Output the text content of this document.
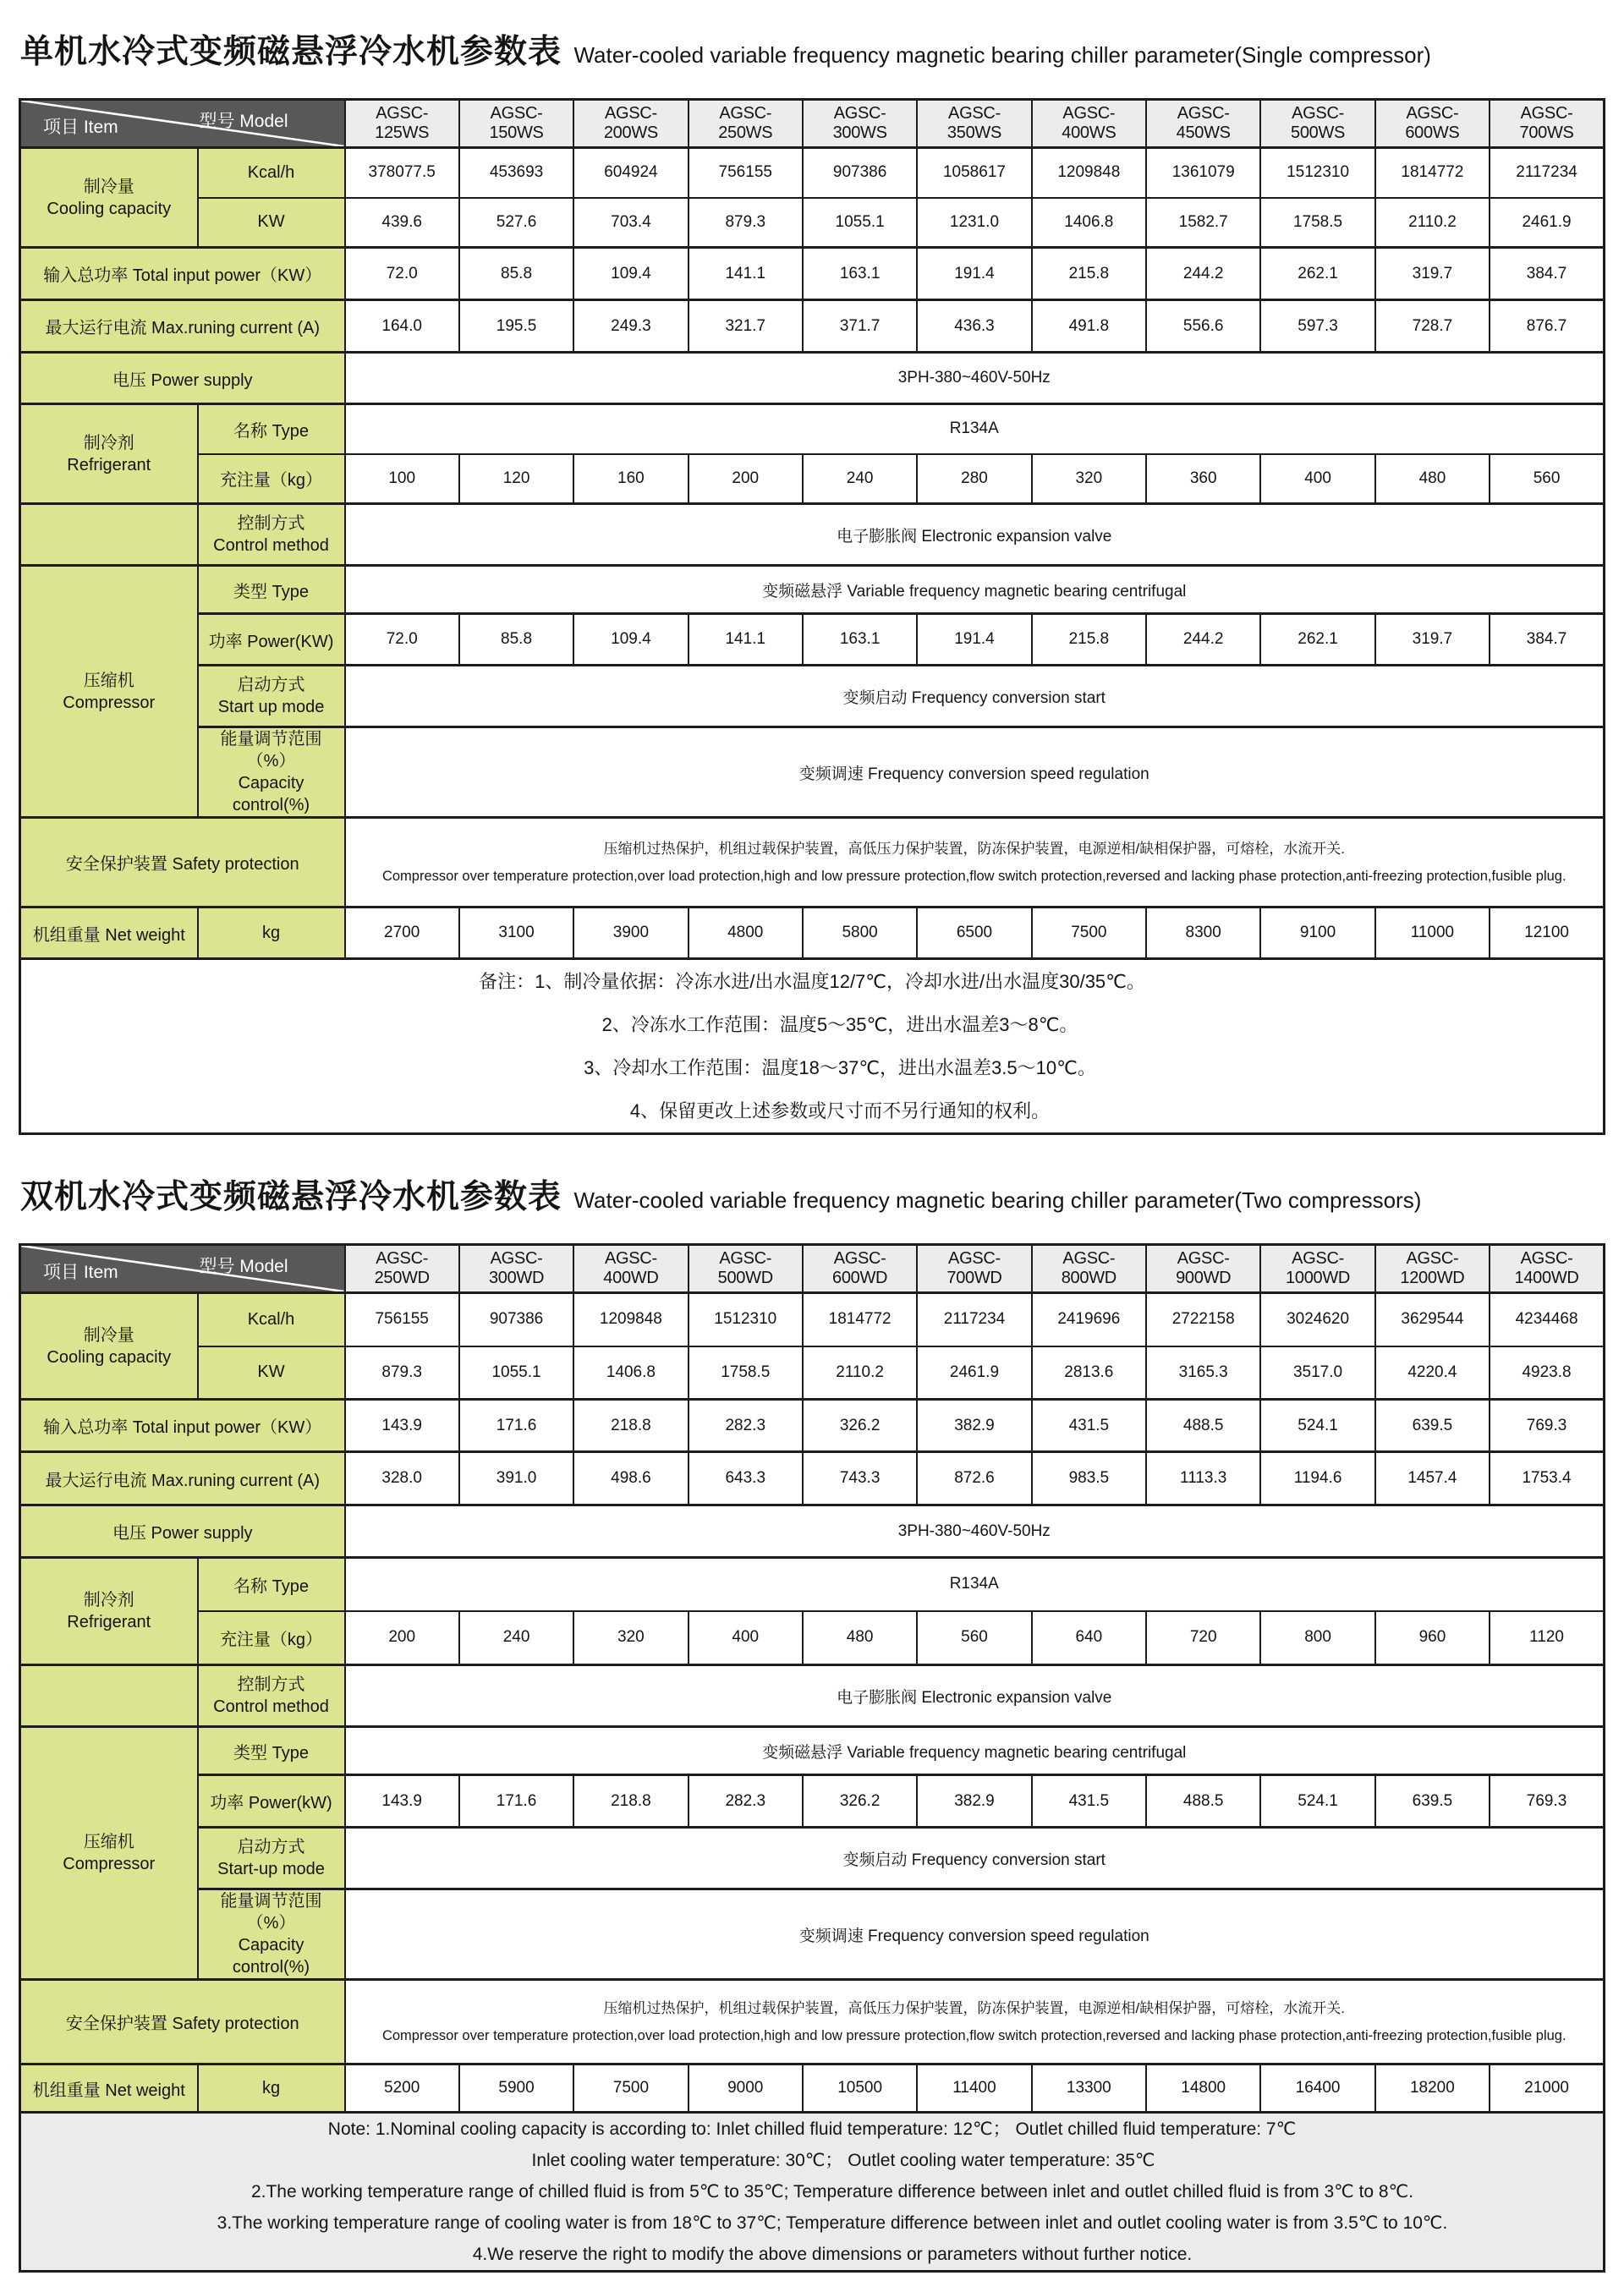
单机水冷式变频磁悬浮冷水机参数表 Water-cooled variable frequency magnetic bearing chiller parameter(Single compressor)
型号 Model
项目 Item		AGSC-125WS	AGSC-150WS	AGSC-200WS	AGSC-250WS	AGSC-300WS	AGSC-350WS	AGSC-400WS	AGSC-450WS	AGSC-500WS	AGSC-600WS	AGSC-700WS

制冷量
Cooling capacity	Kcal/h	378077.5	453693	604924	756155	907386	1058617	1209848	1361079	1512310	1814772	2117234
	KW	439.6	527.6	703.4	879.3	1055.1	1231.0	1406.8	1582.7	1758.5	2110.2	2461.9
输入总功率 Total input power（KW）		72.0	85.8	109.4	141.1	163.1	191.4	215.8	244.2	262.1	319.7	384.7
最大运行电流 Max.runing current (A)		164.0	195.5	249.3	321.7	371.7	436.3	491.8	556.6	597.3	728.7	876.7
电压 Power supply		3PH-380~460V-50Hz										

制冷剂
Refrigerant	名称 Type	R134A										
	充注量（kg）	100	120	160	200	240	280	320	360	400	480	560

	控制方式
Control method	电子膨胀阀 Electronic expansion valve										

压缩机
Compressor	类型 Type	变频磁悬浮 Variable frequency magnetic bearing centrifugal										
	功率 Power(KW)	72.0	85.8	109.4	141.1	163.1	191.4	215.8	244.2	262.1	319.7	384.7

	启动方式
Start up mode	变频启动 Frequency conversion start										

	能量调节范围（%）
Capacity control(%)	变频调速 Frequency conversion speed regulation										
安全保护装置 Safety protection		压缩机过热保护，机组过载保护装置，高低压力保护装置，防冻保护装置，电源逆相/缺相保护器，可熔栓，水流开关.
Compressor over temperature protection,over load protection,high and low pressure protection,flow switch protection,reversed and lacking phase protection,anti-freezing protection,fusible plug.										

机组重量 Net weight	kg	2700	3100	3900	4800	5800	6500	7500	8300	9100	11000	12100

备注：1、制冷量依据：冷冻水进/出水温度12/7℃，冷却水进/出水温度30/35℃。
2、冷冻水工作范围：温度5～35℃，进出水温差3～8℃。
3、冷却水工作范围：温度18～37℃，进出水温差3.5～10℃。
4、保留更改上述参数或尺寸而不另行通知的权利。												
双机水冷式变频磁悬浮冷水机参数表 Water-cooled variable frequency magnetic bearing chiller parameter(Two compressors)
型号 Model
项目 Item		AGSC-250WD	AGSC-300WD	AGSC-400WD	AGSC-500WD	AGSC-600WD	AGSC-700WD	AGSC-800WD	AGSC-900WD	AGSC-1000WD	AGSC-1200WD	AGSC-1400WD

制冷量
Cooling capacity	Kcal/h	756155	907386	1209848	1512310	1814772	2117234	2419696	2722158	3024620	3629544	4234468
	KW	879.3	1055.1	1406.8	1758.5	2110.2	2461.9	2813.6	3165.3	3517.0	4220.4	4923.8
输入总功率 Total input power（KW）		143.9	171.6	218.8	282.3	326.2	382.9	431.5	488.5	524.1	639.5	769.3
最大运行电流 Max.runing current (A)		328.0	391.0	498.6	643.3	743.3	872.6	983.5	1113.3	1194.6	1457.4	1753.4
电压 Power supply		3PH-380~460V-50Hz										

制冷剂
Refrigerant	名称 Type	R134A										
	充注量（kg）	200	240	320	400	480	560	640	720	800	960	1120

	控制方式
Control method	电子膨胀阀 Electronic expansion valve										

压缩机
Compressor	类型 Type	变频磁悬浮 Variable frequency magnetic bearing centrifugal										
	功率 Power(kW)	143.9	171.6	218.8	282.3	326.2	382.9	431.5	488.5	524.1	639.5	769.3

	启动方式
Start-up mode	变频启动 Frequency conversion start										

	能量调节范围（%）
Capacity control(%)	变频调速 Frequency conversion speed regulation										
安全保护装置 Safety protection		压缩机过热保护，机组过载保护装置，高低压力保护装置，防冻保护装置，电源逆相/缺相保护器，可熔栓，水流开关.
Compressor over temperature protection,over load protection,high and low pressure protection,flow switch protection,reversed and lacking phase protection,anti-freezing protection,fusible plug.										

机组重量 Net weight	kg	5200	5900	7500	9000	10500	11400	13300	14800	16400	18200	21000

Note: 1.Nominal cooling capacity is according to: Inlet chilled fluid temperature: 12℃； Outlet chilled fluid temperature: 7℃
Inlet cooling water temperature: 30℃； Outlet cooling water temperature: 35℃
2.The working temperature range of chilled fluid is from 5℃ to 35℃; Temperature difference between inlet and outlet chilled fluid is from 3℃ to 8℃.
3.The working temperature range of cooling water is from 18℃ to 37℃; Temperature difference between inlet and outlet cooling water is from 3.5℃ to 10℃.
4.We reserve the right to modify the above dimensions or parameters without further notice.												
